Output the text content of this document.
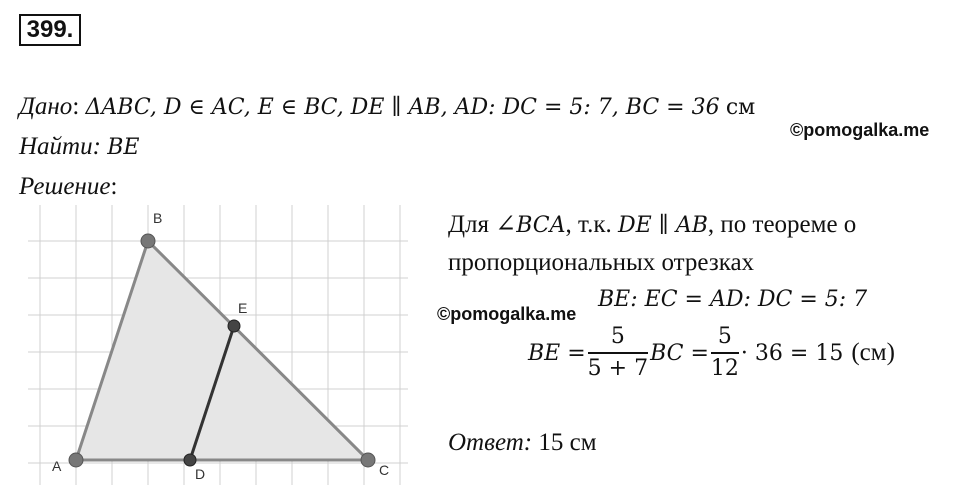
399.
Дано: ΔABC, D ∈ AC, E ∈ BC, DE ∥ AB, AD: DC = 5: 7, BC = 36 см
©pomogalka.me
Найти: BE
Решение:
A
B
C
D
E
Для ∠BCA, т.к. DE ∥ AB, по теореме о
пропорциональных отрезках
©pomogalka.me
BE: EC = AD: DC = 5: 7
BE = $\frac{5}{5 + 7}$ BC = $\frac{5}{12} \cdot 36 = 15$ (см)
Ответ: 15 см
